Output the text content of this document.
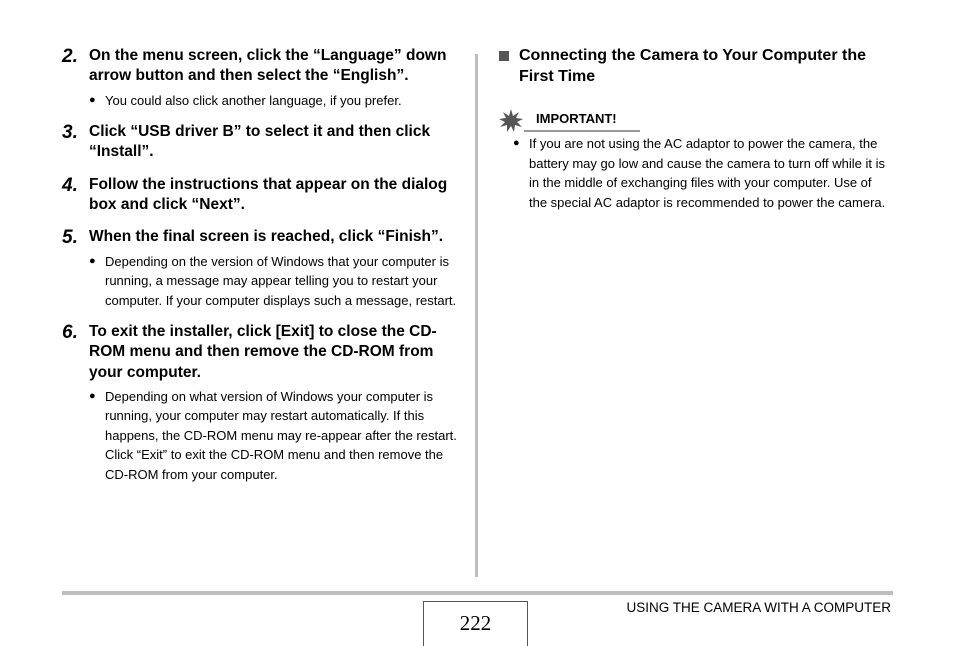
2. On the menu screen, click the “Language” down arrow button and then select the “English”.
● You could also click another language, if you prefer.
3. Click “USB driver B” to select it and then click “Install”.
4. Follow the instructions that appear on the dialog box and click “Next”.
5. When the final screen is reached, click “Finish”.
● Depending on the version of Windows that your computer is running, a message may appear telling you to restart your computer. If your computer displays such a message, restart.
6. To exit the installer, click [Exit] to close the CD-ROM menu and then remove the CD-ROM from your computer.
● Depending on what version of Windows your computer is running, your computer may restart automatically. If this happens, the CD-ROM menu may re-appear after the restart. Click “Exit” to exit the CD-ROM menu and then remove the CD-ROM from your computer.
Connecting the Camera to Your Computer the First Time
IMPORTANT!
● If you are not using the AC adaptor to power the camera, the battery may go low and cause the camera to turn off while it is in the middle of exchanging files with your computer. Use of the special AC adaptor is recommended to power the camera.
222
USING THE CAMERA WITH A COMPUTER
